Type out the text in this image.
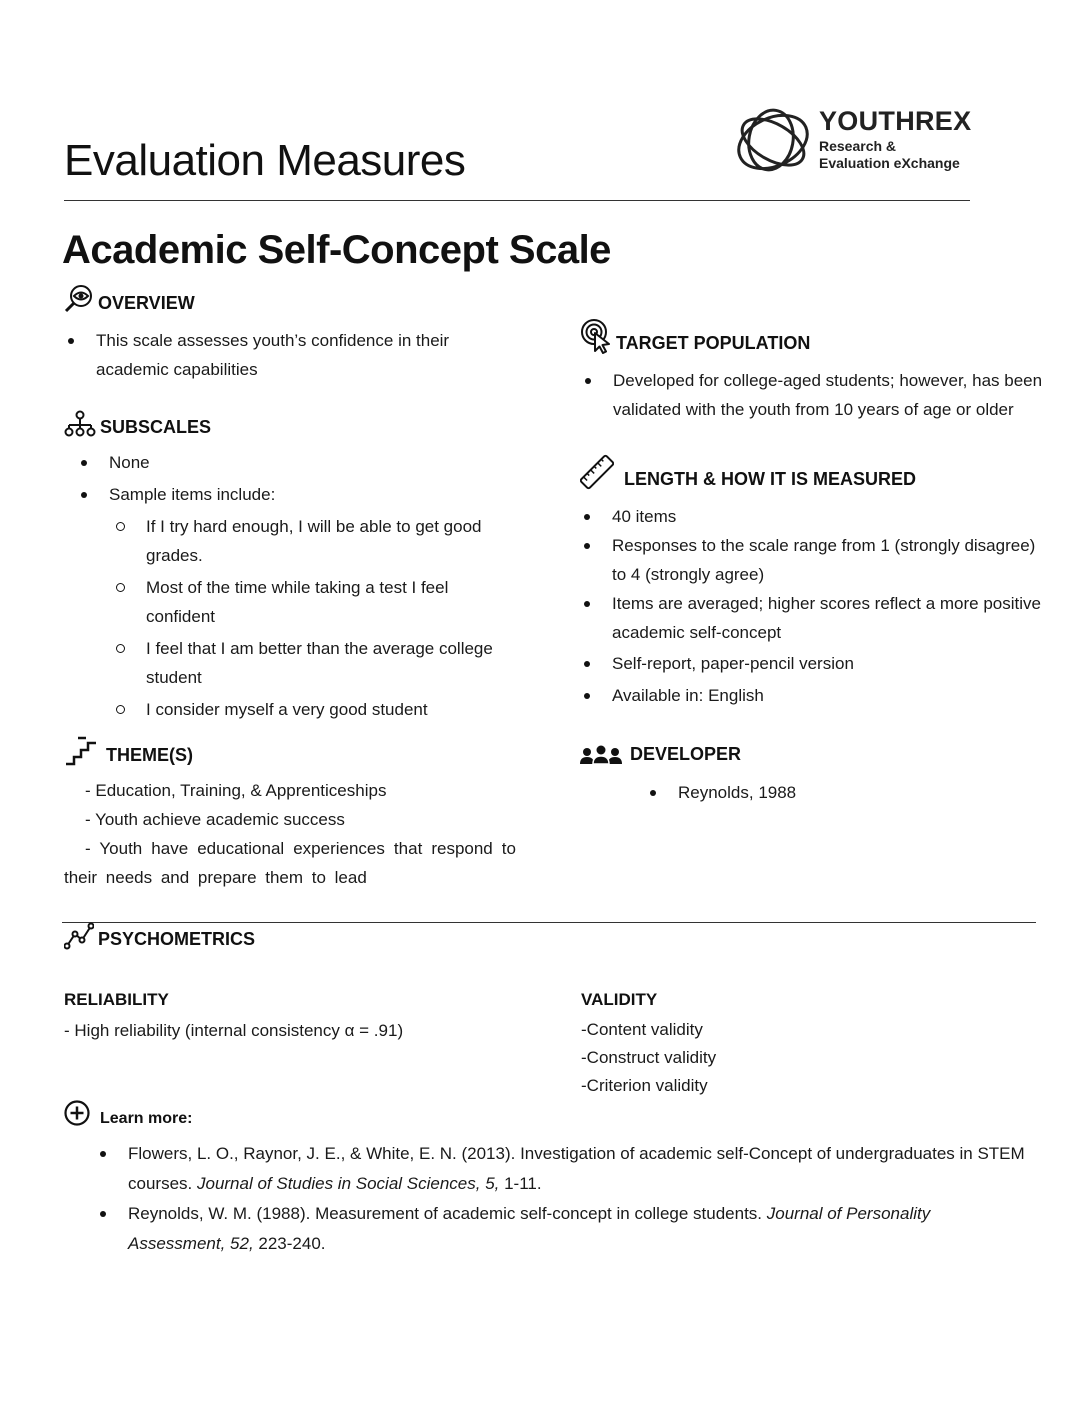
Evaluation Measures
YOUTHREX
Research &
Evaluation eXchange
Academic Self-Concept Scale
OVERVIEW
This scale assesses youth’s confidence in their academic capabilities
SUBSCALES
None
Sample items include:
If I try hard enough, I will be able to get good grades.
Most of the time while taking a test I feel confident
I feel that I am better than the average college student
I consider myself a very good student
THEME(S)
- Education, Training, & Apprenticeships
- Youth achieve academic success
- Youth have educational experiences that respond to their needs and prepare them to lead
TARGET POPULATION
Developed for college-aged students; however, has been validated with the youth from 10 years of age or older
LENGTH & HOW IT IS MEASURED
40 items
Responses to the scale range from 1 (strongly disagree) to 4 (strongly agree)
Items are averaged; higher scores reflect a more positive academic self-concept
Self-report, paper-pencil version
Available in: English
DEVELOPER
Reynolds, 1988
PSYCHOMETRICS
RELIABILITY
- High reliability (internal consistency α = .91)
VALIDITY
-Content validity
-Construct validity
-Criterion validity
Learn more:
Flowers, L. O., Raynor, J. E., & White, E. N. (2013). Investigation of academic self-Concept of undergraduates in STEM courses. Journal of Studies in Social Sciences, 5, 1-11.
Reynolds, W. M. (1988). Measurement of academic self-concept in college students. Journal of Personality Assessment, 52, 223-240.
